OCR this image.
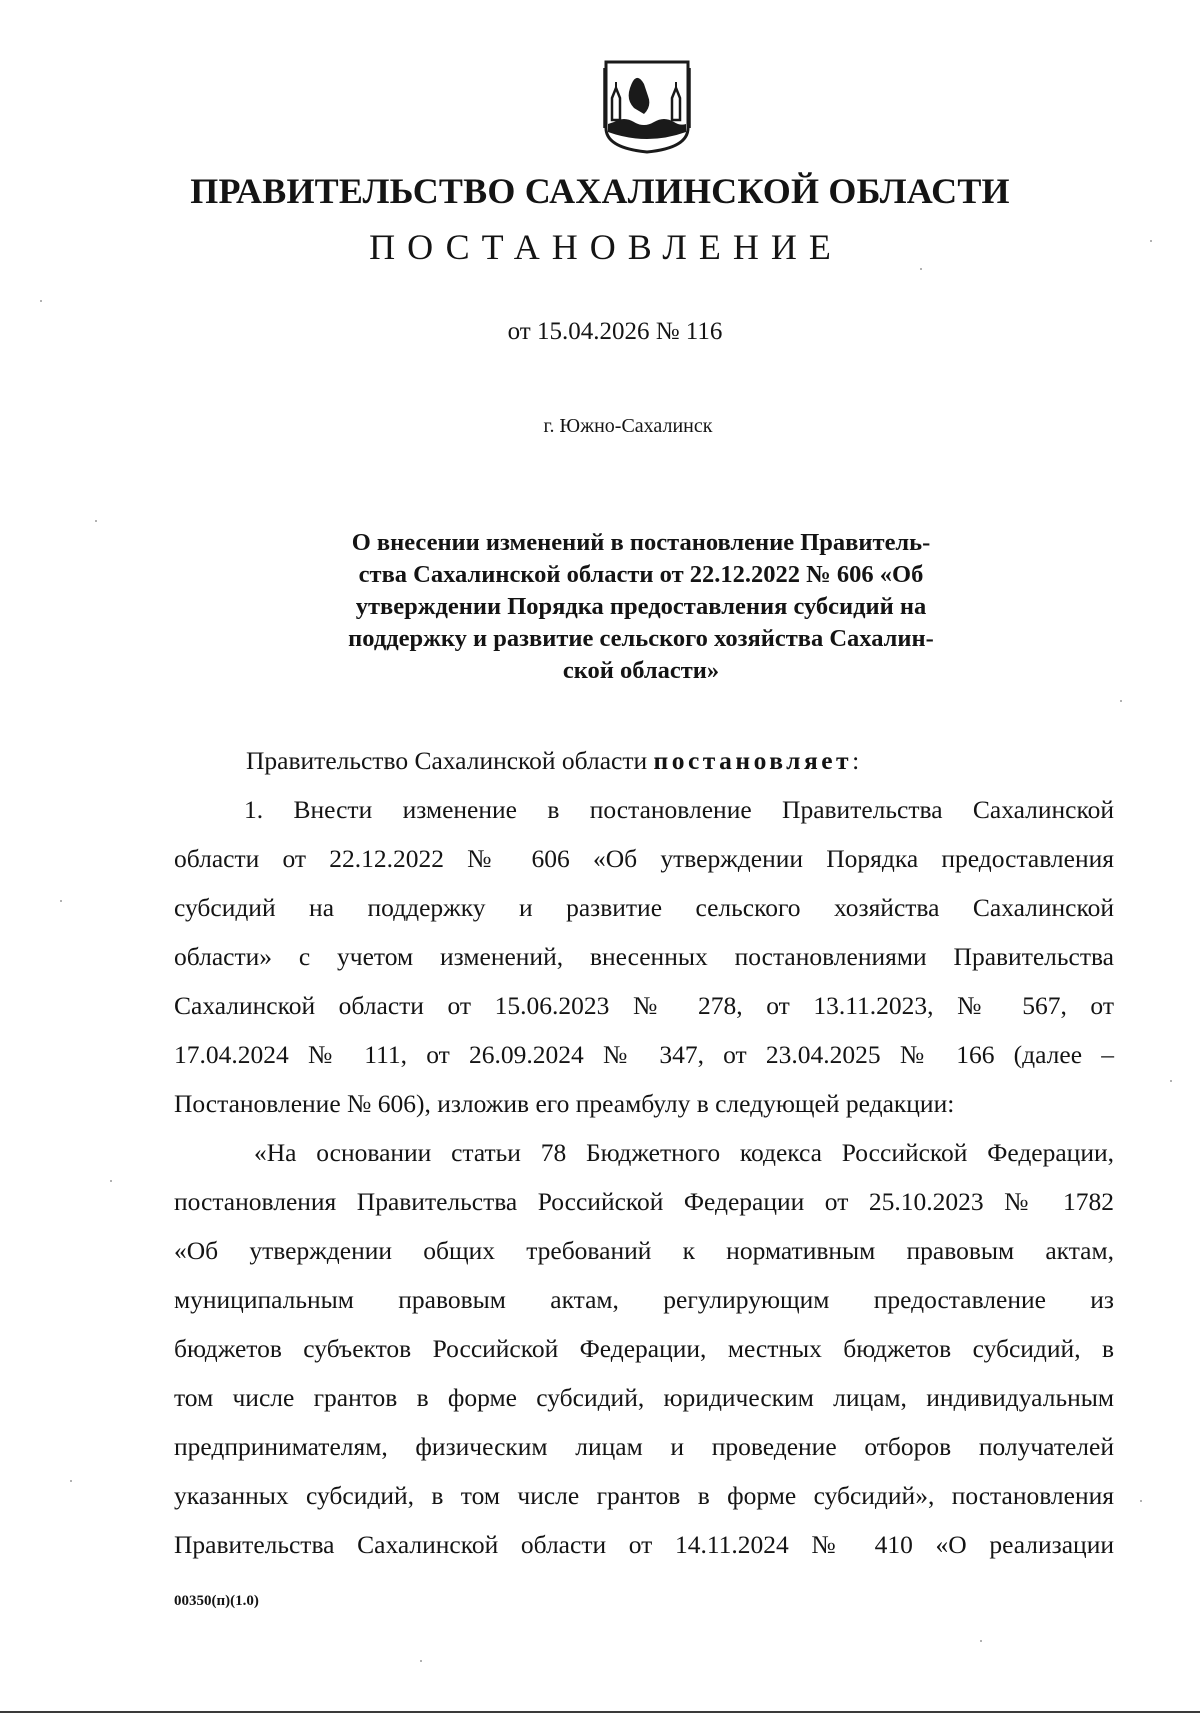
ПРАВИТЕЛЬСТВО САХАЛИНСКОЙ ОБЛАСТИ
ПОСТАНОВЛЕНИЕ
от 15.04.2026 № 116
г. Южно-Сахалинск
О внесении изменений в постановление Правитель-
ства Сахалинской области от 22.12.2022 № 606 «Об
утверждении Порядка предоставления субсидий на
поддержку и развитие сельского хозяйства Сахалин-
ской области»
Правительство Сахалинской области постановляет:
1. Внести изменение в постановление Правительства Сахалинской
области от 22.12.2022 № 606 «Об утверждении Порядка предоставления
субсидий на поддержку и развитие сельского хозяйства Сахалинской
области» с учетом изменений, внесенных постановлениями Правительства
Сахалинской области от 15.06.2023 № 278, от 13.11.2023, № 567, от
17.04.2024 № 111, от 26.09.2024 № 347, от 23.04.2025 № 166 (далее –
Постановление № 606), изложив его преамбулу в следующей редакции:
«На основании статьи 78 Бюджетного кодекса Российской Федерации,
постановления Правительства Российской Федерации от 25.10.2023 № 1782
«Об утверждении общих требований к нормативным правовым актам,
муниципальным правовым актам, регулирующим предоставление из
бюджетов субъектов Российской Федерации, местных бюджетов субсидий, в
том числе грантов в форме субсидий, юридическим лицам, индивидуальным
предпринимателям, физическим лицам и проведение отборов получателей
указанных субсидий, в том числе грантов в форме субсидий», постановления
Правительства Сахалинской области от 14.11.2024 № 410 «О реализации
00350(п)(1.0)
